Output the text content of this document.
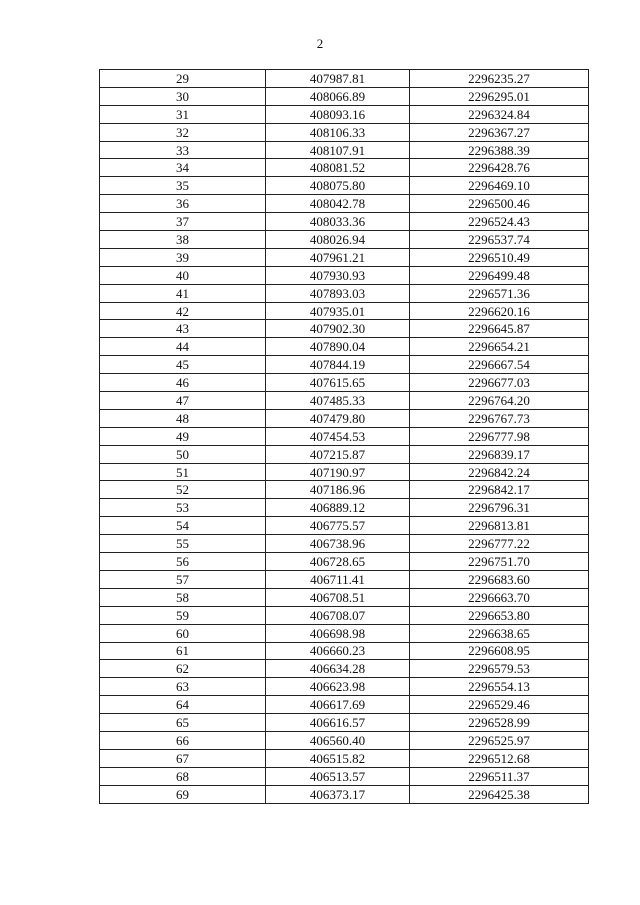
2
29	407987.81	2296235.27
30	408066.89	2296295.01
31	408093.16	2296324.84
32	408106.33	2296367.27
33	408107.91	2296388.39
34	408081.52	2296428.76
35	408075.80	2296469.10
36	408042.78	2296500.46
37	408033.36	2296524.43
38	408026.94	2296537.74
39	407961.21	2296510.49
40	407930.93	2296499.48
41	407893.03	2296571.36
42	407935.01	2296620.16
43	407902.30	2296645.87
44	407890.04	2296654.21
45	407844.19	2296667.54
46	407615.65	2296677.03
47	407485.33	2296764.20
48	407479.80	2296767.73
49	407454.53	2296777.98
50	407215.87	2296839.17
51	407190.97	2296842.24
52	407186.96	2296842.17
53	406889.12	2296796.31
54	406775.57	2296813.81
55	406738.96	2296777.22
56	406728.65	2296751.70
57	406711.41	2296683.60
58	406708.51	2296663.70
59	406708.07	2296653.80
60	406698.98	2296638.65
61	406660.23	2296608.95
62	406634.28	2296579.53
63	406623.98	2296554.13
64	406617.69	2296529.46
65	406616.57	2296528.99
66	406560.40	2296525.97
67	406515.82	2296512.68
68	406513.57	2296511.37
69	406373.17	2296425.38
